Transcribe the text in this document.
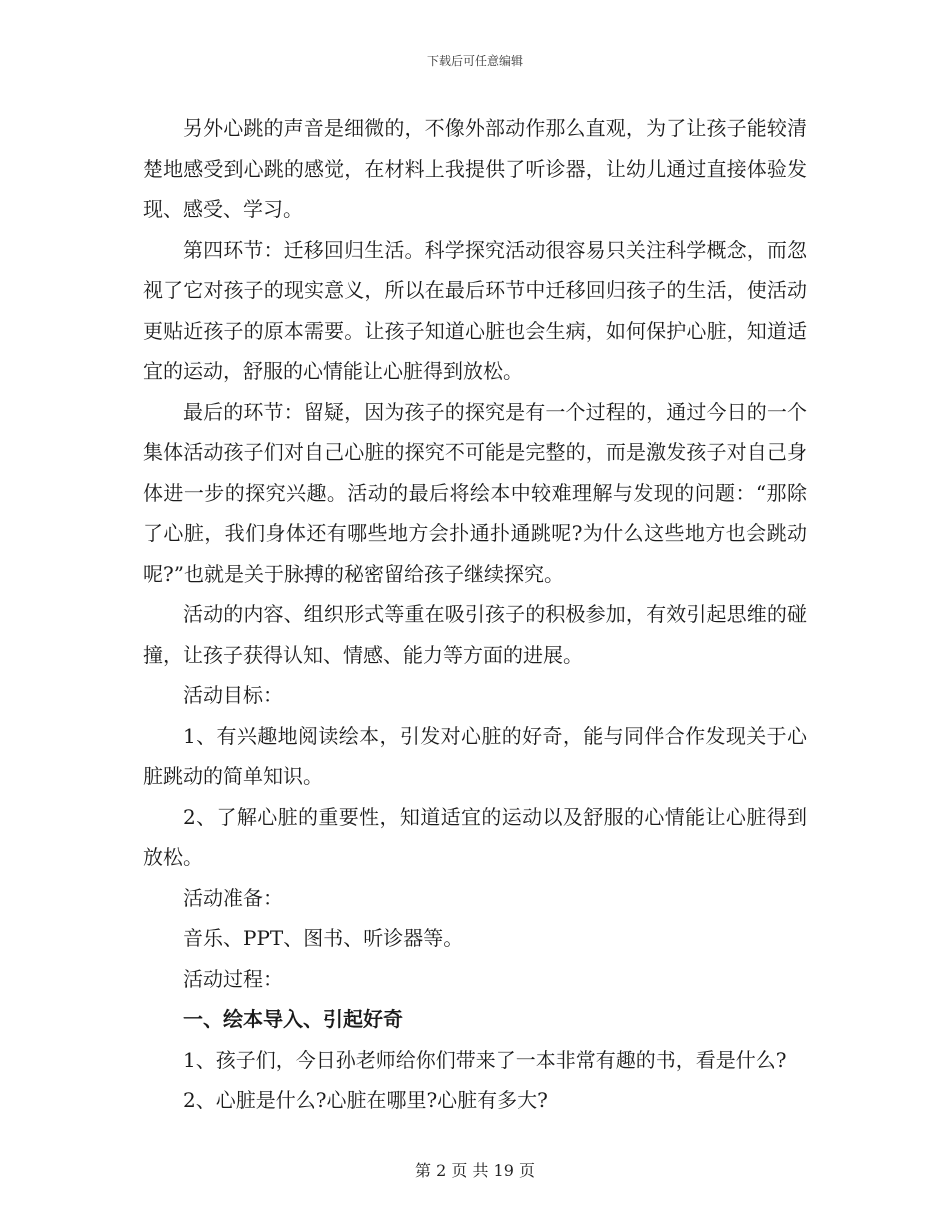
下载后可任意编辑

另外心跳的声音是细微的，不像外部动作那么直观，为了让孩子能较清楚地感受到心跳的感觉，在材料上我提供了听诊器，让幼儿通过直接体验发现、感受、学习。

第四环节：迁移回归生活。科学探究活动很容易只关注科学概念，而忽视了它对孩子的现实意义，所以在最后环节中迁移回归孩子的生活，使活动更贴近孩子的原本需要。让孩子知道心脏也会生病，如何保护心脏，知道适宜的运动，舒服的心情能让心脏得到放松。

最后的环节：留疑，因为孩子的探究是有一个过程的，通过今日的一个集体活动孩子们对自己心脏的探究不可能是完整的，而是激发孩子对自己身体进一步的探究兴趣。活动的最后将绘本中较难理解与发现的问题：“那除了心脏，我们身体还有哪些地方会扑通扑通跳呢?为什么这些地方也会跳动呢?”也就是关于脉搏的秘密留给孩子继续探究。

活动的内容、组织形式等重在吸引孩子的积极参加，有效引起思维的碰撞，让孩子获得认知、情感、能力等方面的进展。

活动目标：

1、有兴趣地阅读绘本，引发对心脏的好奇，能与同伴合作发现关于心脏跳动的简单知识。

2、了解心脏的重要性，知道适宜的运动以及舒服的心情能让心脏得到放松。

活动准备：

音乐、PPT、图书、听诊器等。

活动过程：

一、绘本导入、引起好奇

1、孩子们，今日孙老师给你们带来了一本非常有趣的书，看是什么?

2、心脏是什么?心脏在哪里?心脏有多大?

第 2 页 共 19 页
